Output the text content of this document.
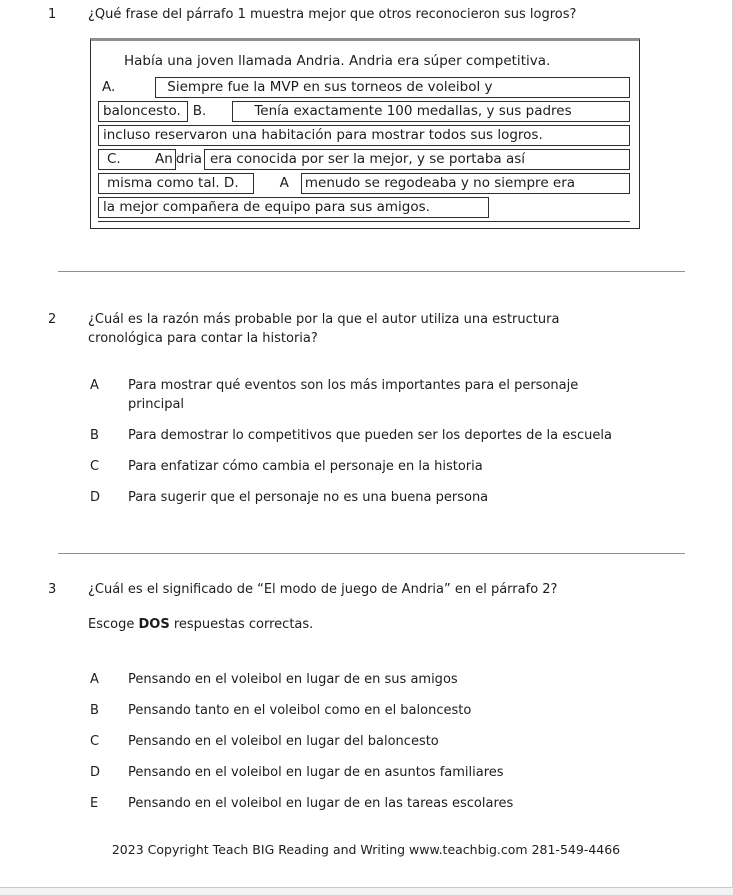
1	¿Qué frase del párrafo 1 muestra mejor que otros reconocieron sus logros?
Había una joven llamada Andria. Andria era súper competitiva.
A.	Siempre fue la MVP en sus torneos de voleibol y
baloncesto. B.	Tenía exactamente 100 medallas, y sus padres
incluso reservaron una habitación para mostrar todos sus logros.
C.        An dria era conocida por ser la mejor, y se portaba así
misma como tal. D.	A menudo se regodeaba y no siempre era
la mejor compañera de equipo para sus amigos.
2	¿Cuál es la razón más probable por la que el autor utiliza una estructura cronológica para contar la historia?
A	Para mostrar qué eventos son los más importantes para el personaje principal
B	Para demostrar lo competitivos que pueden ser los deportes de la escuela
C	Para enfatizar cómo cambia el personaje en la historia
D	Para sugerir que el personaje no es una buena persona
3	¿Cuál es el significado de “El modo de juego de Andria” en el párrafo 2?

Escoge DOS respuestas correctas.

A	Pensando en el voleibol en lugar de en sus amigos
B	Pensando tanto en el voleibol como en el baloncesto
C	Pensando en el voleibol en lugar del baloncesto
D	Pensando en el voleibol en lugar de en asuntos familiares
E	Pensando en el voleibol en lugar de en las tareas escolares
2023 Copyright Teach BIG Reading and Writing www.teachbig.com 281-549-4466
